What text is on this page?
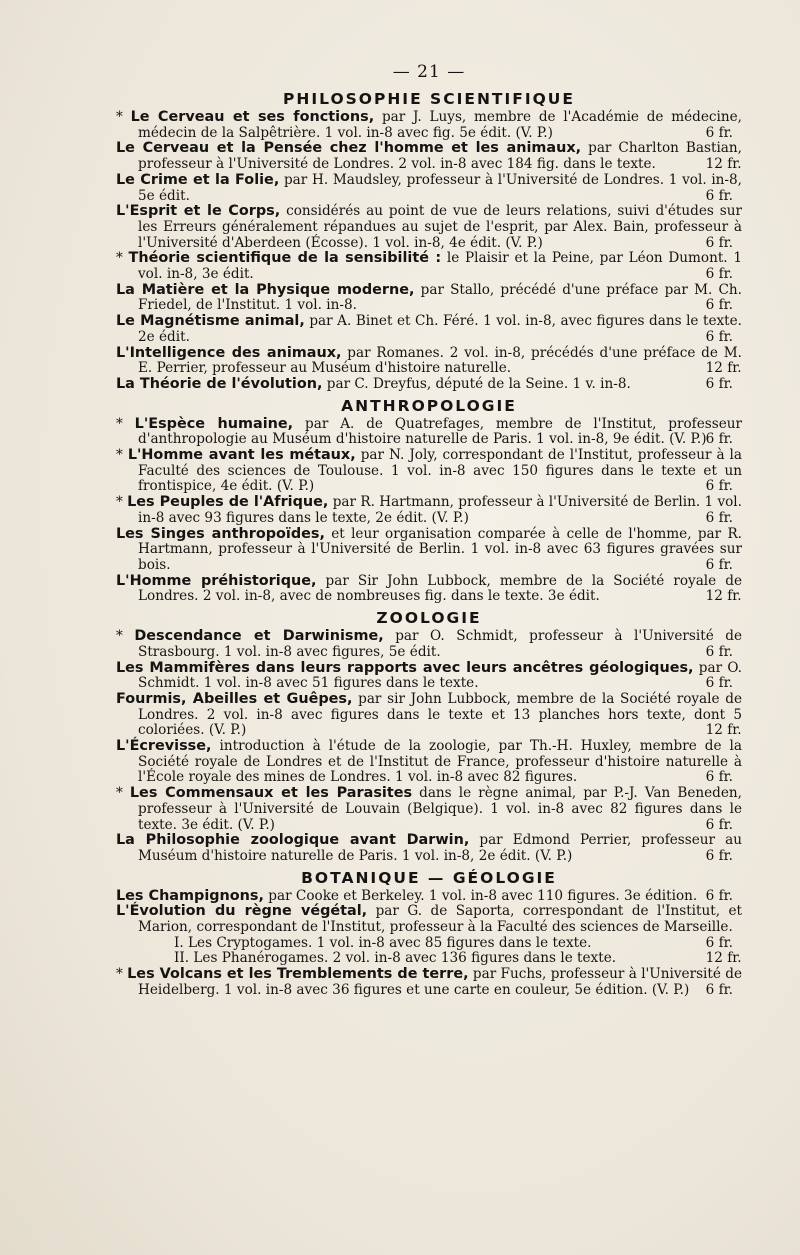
— 21 —
PHILOSOPHIE SCIENTIFIQUE

* Le Cerveau et ses fonctions, par J. Luys, membre de l'Académie de médecine, médecin de la Salpêtrière. 1 vol. in-8 avec fig. 5e édit. (V. P.)	6 fr.

Le Cerveau et la Pensée chez l'homme et les animaux, par Charlton Bastian, professeur à l'Université de Londres. 2 vol. in-8 avec 184 fig. dans le texte.	12 fr.

Le Crime et la Folie, par H. Maudsley, professeur à l'Université de Londres. 1 vol. in-8, 5e édit.	6 fr.

L'Esprit et le Corps, considérés au point de vue de leurs relations, suivi d'études sur les Erreurs généralement répandues au sujet de l'esprit, par Alex. Bain, professeur à l'Université d'Aberdeen (Écosse). 1 vol. in-8, 4e édit. (V. P.)	6 fr.

* Théorie scientifique de la sensibilité : le Plaisir et la Peine, par Léon Dumont. 1 vol. in-8, 3e édit.	6 fr.

La Matière et la Physique moderne, par Stallo, précédé d'une préface par M. Ch. Friedel, de l'Institut. 1 vol. in-8.	6 fr.

Le Magnétisme animal, par A. Binet et Ch. Féré. 1 vol. in-8, avec figures dans le texte. 2e édit.	6 fr.

L'Intelligence des animaux, par Romanes. 2 vol. in-8, précédés d'une préface de M. E. Perrier, professeur au Muséum d'histoire naturelle.	12 fr.

La Théorie de l'évolution, par C. Dreyfus, député de la Seine. 1 v. in-8.	6 fr.

ANTHROPOLOGIE

* L'Espèce humaine, par A. de Quatrefages, membre de l'Institut, professeur d'anthropologie au Muséum d'histoire naturelle de Paris. 1 vol. in-8, 9e édit. (V. P.) 6 fr.

* L'Homme avant les métaux, par N. Joly, correspondant de l'Institut, professeur à la Faculté des sciences de Toulouse. 1 vol. in-8 avec 150 figures dans le texte et un frontispice, 4e édit. (V. P.)	6 fr.

* Les Peuples de l'Afrique, par R. Hartmann, professeur à l'Université de Berlin. 1 vol. in-8 avec 93 figures dans le texte, 2e édit. (V. P.)	6 fr.

Les Singes anthropoïdes, et leur organisation comparée à celle de l'homme, par R. Hartmann, professeur à l'Université de Berlin. 1 vol. in-8 avec 63 figures gravées sur bois.	6 fr.

L'Homme préhistorique, par Sir John Lubbock, membre de la Société royale de Londres. 2 vol. in-8, avec de nombreuses fig. dans le texte. 3e édit.	12 fr.

ZOOLOGIE

* Descendance et Darwinisme, par O. Schmidt, professeur à l'Université de Strasbourg. 1 vol. in-8 avec figures, 5e édit.	6 fr.

Les Mammifères dans leurs rapports avec leurs ancêtres géologiques, par O. Schmidt. 1 vol. in-8 avec 51 figures dans le texte.	6 fr.

Fourmis, Abeilles et Guêpes, par sir John Lubbock, membre de la Société royale de Londres. 2 vol. in-8 avec figures dans le texte et 13 planches hors texte, dont 5 coloriées. (V. P.)	12 fr.

L'Écrevisse, introduction à l'étude de la zoologie, par Th.-H. Huxley, membre de la Société royale de Londres et de l'Institut de France, professeur d'histoire naturelle à l'École royale des mines de Londres. 1 vol. in-8 avec 82 figures.	6 fr.

* Les Commensaux et les Parasites dans le règne animal, par P.-J. Van Beneden, professeur à l'Université de Louvain (Belgique). 1 vol. in-8 avec 82 figures dans le texte. 3e édit. (V. P.)	6 fr.

La Philosophie zoologique avant Darwin, par Edmond Perrier, professeur au Muséum d'histoire naturelle de Paris. 1 vol. in-8, 2e édit. (V. P.)	6 fr.

BOTANIQUE — GÉOLOGIE

Les Champignons, par Cooke et Berkeley. 1 vol. in-8 avec 110 figures. 3e édition. 6 fr.

L'Évolution du règne végétal, par G. de Saporta, correspondant de l'Institut, et Marion, correspondant de l'Institut, professeur à la Faculté des sciences de Marseille.

I. Les Cryptogames. 1 vol. in-8 avec 85 figures dans le texte.	6 fr.

II. Les Phanérogames. 2 vol. in-8 avec 136 figures dans le texte.	12 fr.

* Les Volcans et les Tremblements de terre, par Fuchs, professeur à l'Université de Heidelberg. 1 vol. in-8 avec 36 figures et une carte en couleur, 5e édition. (V. P.) 6 fr.
